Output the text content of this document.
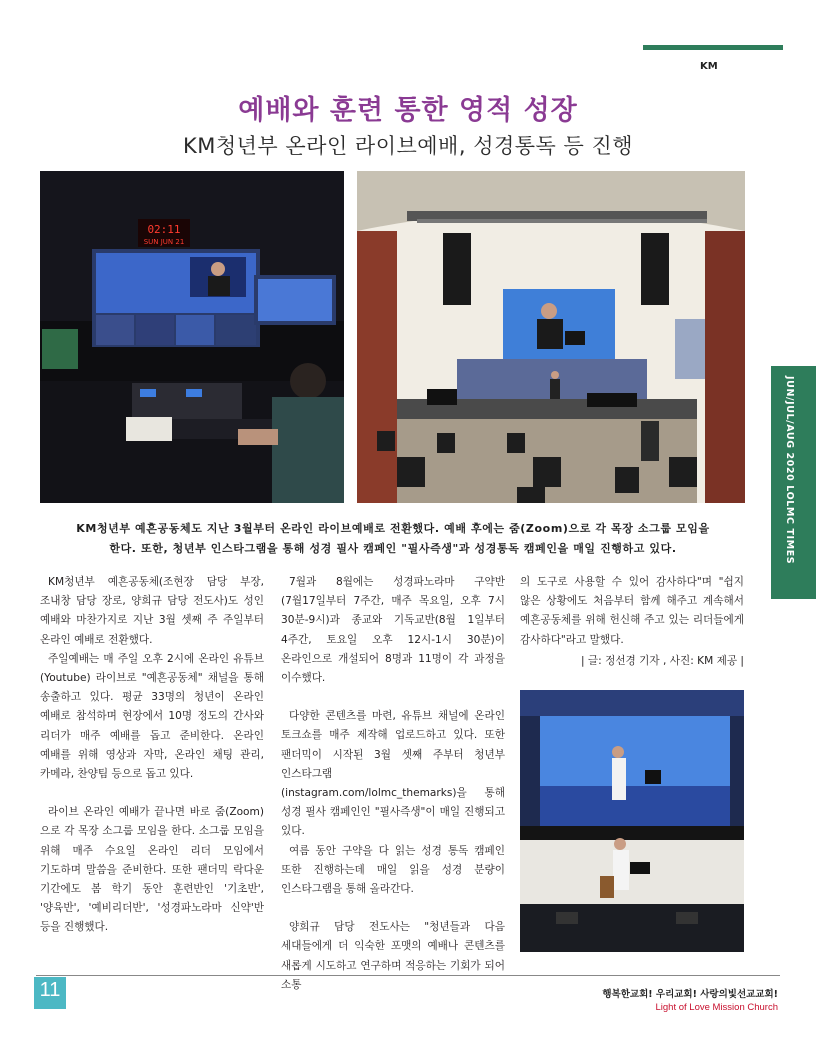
KM
예배와 훈련 통한 영적 성장
KM청년부 온라인 라이브예배, 성경통독 등 진행
JUN/JUL/AUG 2020 LOLMC TIMES
02:11
SUN JUN 21
KM청년부 예흔공동체도 지난 3월부터 온라인 라이브예배로 전환했다. 예배 후에는 줌(Zoom)으로 각 목장 소그룹 모임을
한다. 또한, 청년부 인스타그램을 통해 성경 필사 캠페인 "필사즉생"과 성경통독 캠페인을 매일 진행하고 있다.

KM청년부 예흔공동체(조현장 담당 부장, 조내창 담당 장로, 양희규 담당 전도사)도 성인 예배와 마찬가지로 지난 3월 셋째 주 주일부터 온라인 예배로 전환했다.

주일예배는 매 주일 오후 2시에 온라인 유튜브(Youtube) 라이브로 "예흔공동체" 채널을 통해 송출하고 있다. 평균 33명의 청년이 온라인 예배로 참석하며 현장에서 10명 정도의 간사와 리더가 매주 예배를 돕고 준비한다. 온라인 예배를 위해 영상과 자막, 온라인 채팅 관리, 카메라, 찬양팀 등으로 돕고 있다.

라이브 온라인 예배가 끝나면 바로 줌(Zoom)으로 각 목장 소그룹 모임을 한다. 소그룹 모임을 위해 매주 수요일 온라인 리더 모임에서 기도하며 말씀을 준비한다. 또한 팬더믹 락다운 기간에도 봄 학기 동안 훈련반인 '기초반', '양육반', '예비리더반', '성경파노라마 신약'반 등을 진행했다.

7월과 8월에는 성경파노라마 구약반(7월17일부터 7주간, 매주 목요일, 오후 7시 30분-9시)과 종교와 기독교반(8월 1일부터 4주간, 토요일 오후 12시-1시 30분)이 온라인으로 개설되어 8명과 11명이 각 과정을 이수했다.

다양한 콘텐츠를 마련, 유튜브 채널에 온라인 토크쇼를 매주 제작해 업로드하고 있다. 또한 팬더믹이 시작된 3월 셋째 주부터 청년부 인스타그램 (instagram.com/lolmc_themarks)을 통해 성경 필사 캠페인인 "필사즉생"이 매일 진행되고 있다.

여름 동안 구약을 다 읽는 성경 통독 캠페인 또한 진행하는데 매일 읽을 성경 분량이 인스타그램을 통해 올라간다.

양희규 담당 전도사는 "청년들과 다음 세대들에게 더 익숙한 포맷의 예배나 콘텐츠를 새롭게 시도하고 연구하며 적응하는 기회가 되어 소통

의 도구로 사용할 수 있어 감사하다"며 "쉽지 않은 상황에도 처음부터 함께 해주고 계속해서 예흔공동체를 위해 헌신해 주고 있는 리더들에게 감사하다"라고 말했다.

| 글: 정선경 기자 , 사진: KM 제공 |
11	행복한교회! 우리교회! 사랑의빛선교교회!
Light of Love Mission Church
